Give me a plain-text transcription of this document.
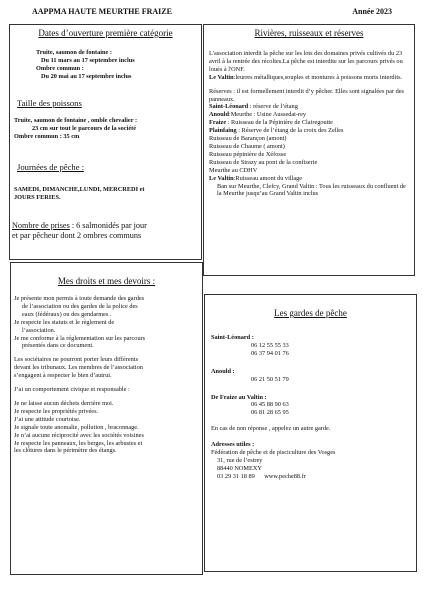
AAPPMA HAUTE MEURTHE FRAIZE	Année 2023
Dates d’ouverture première catégorie
Truite, saumon de fontaine :
Du 11 mars au 17 septembre inclus
Ombre commun :
Du 20 mai au 17 septembre inclus
Taille des poissons
Truite, saumon de fontaine , omble chevalier :
23 cm sur tout le parcours de la société
Ombre commun : 35 cm
Journées de pêche :
SAMEDI, DIMANCHE,LUNDI, MERCREDI et
JOURS FERIES.
Nombre de prises : 6 salmonidés par jour
et par pêcheur dont 2 ombres communs
Rivières, ruisseaux et réserves

L'association interdit la pêche sur les lots des domaines privés cultivés du 23 avril à la rentrée des récoltes.La pêche est interdite sur les parcours privés ou loués à l'ONF.

Le Valtin:leurres métalliques,souples et montures à poissons morts interdits.

Réserves : il est formellement interdit d’y pêcher. Elles sont signalées par des panneaux.

Saint-Léonard : réserve de l’étang

Anould:Meurthe : Usine Aussedat-rey

Fraize : Ruisseau de la Pépinière de Clairegoutte

Plainfaing : Réserve de l’étang de la croix des Zelles

Ruisseau de Barançon (amont)

Ruisseau de Chaume ( amont)

Ruisseau pépinière de Xéfosse

Ruisseau de Strazy au pont de la confiserie

Meurthe au CDHV

Le Valtin:Ruisseau amont du village

Ban sur Meurthe, Clefcy, Grand Valtin : Tous les ruisseaux du confluent de la Meurthe jusqu’au Grand Valtin inclus

Mes droits et mes devoirs :

Je présente mon permis à toute demande des gardes

de l’association ou des gardes de la police des

eaux (fédéraux) ou des gendarmes .

Je respecte les statuts et le règlement de

l’association.

Je me conforme à la réglementation sur les parcours

présentés dans ce document.

Les sociétaires ne pourront porter leurs différents

devant les tribunaux. Les membres de l’association

s’engagent à respecter le bien d’autrui.

J’ai un comportement civique et responsable :

Je ne laisse aucun déchets derrière moi.

Je respecte les propriétés privées.

J’ai une attitude courtoise.

Je signale toute anomalie, pollution , braconnage.

Je n’ai aucune réciprocité avec les sociétés voisines

Je respecte les panneaux, les berges, les arbustes et

les clôtures dans le périmètre des étangs.

Les gardes de pêche

Saint-Léonard :

06 12 55 55 33

06 37 94 01 76

Anould :

06 21 50 51 79

De Fraize au Valtin :

06 45 88 90 63

06 81 28 65 95

En cas de non réponse , appelez un autre garde.

Adresses utiles :

Fédération de pêche et de pisciculture des Vosges

31, rue de l’estrey

88440 NOMEXY

03 29 31 18 89 www.peche88.fr
